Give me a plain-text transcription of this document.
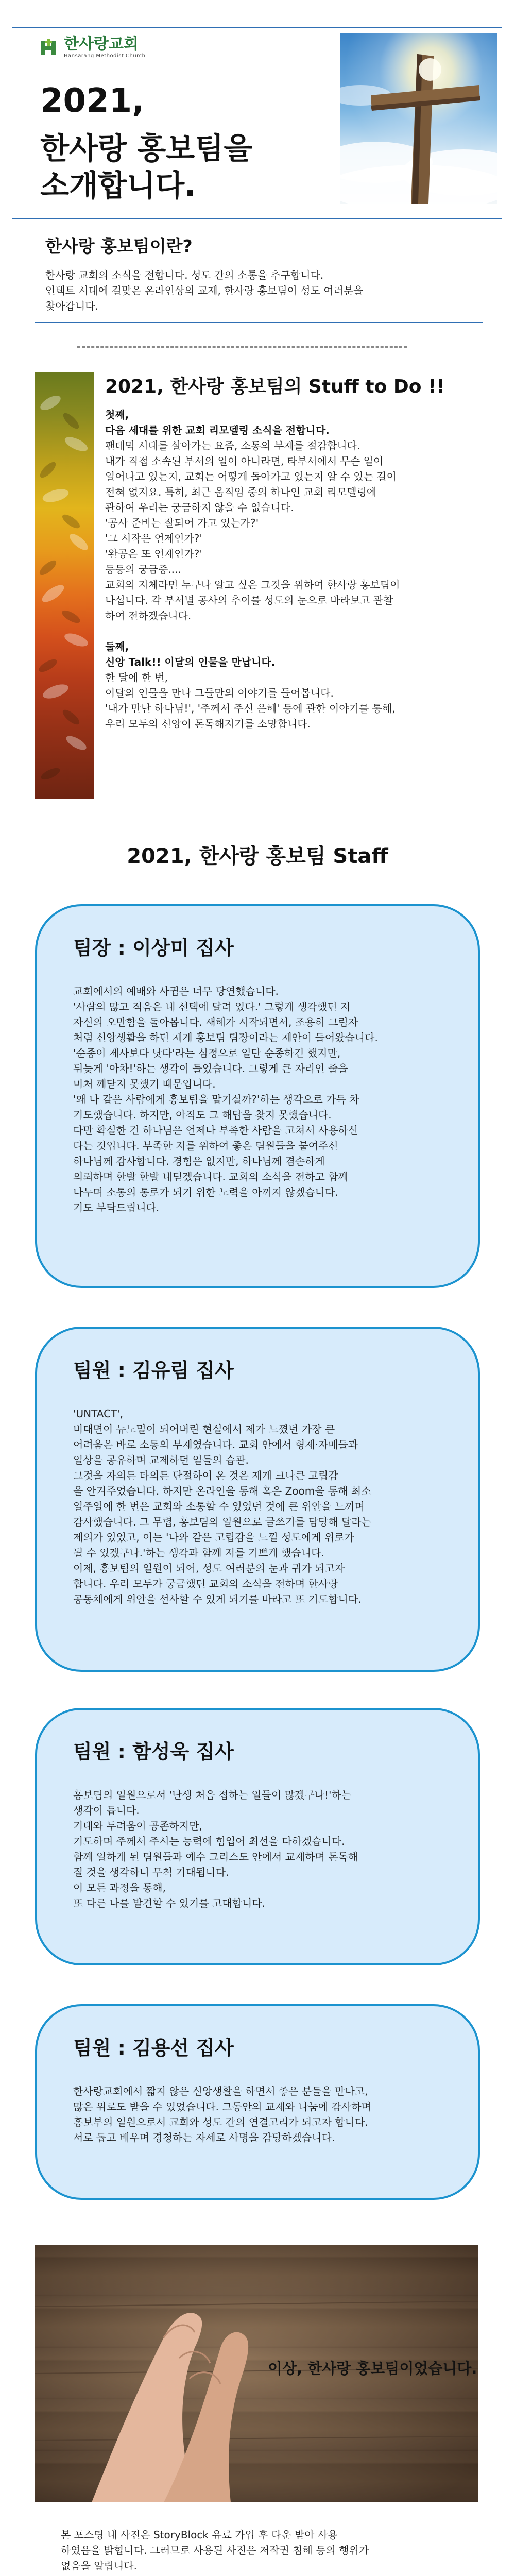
한사랑교회
Hansarang Methodist Church
2021,
한사랑 홍보팀을
소개합니다.
한사랑 홍보팀이란?
한사랑 교회의 소식을 전합니다. 성도 간의 소통을 추구합니다.
언택트 시대에 걸맞은 온라인상의 교제, 한사랑 홍보팀이 성도 여러분을
찾아갑니다.
2021, 한사랑 홍보팀의 Stuff to Do !!

첫째,

다음 세대를 위한 교회 리모델링 소식을 전합니다.

팬데믹 시대를 살아가는 요즘, 소통의 부재를 절감합니다.

내가 직접 소속된 부서의 일이 아니라면, 타부서에서 무슨 일이

일어나고 있는지, 교회는 어떻게 돌아가고 있는지 알 수 있는 길이

전혀 없지요. 특히, 최근 움직임 중의 하나인 교회 리모델링에

관하여 우리는 궁금하지 않을 수 없습니다.

'공사 준비는 잘되어 가고 있는가?'

'그 시작은 언제인가?'

'완공은 또 언제인가?'

등등의 궁금증....

교회의 지체라면 누구나 알고 싶은 그것을 위하여 한사랑 홍보팀이

나섭니다. 각 부서별 공사의 추이를 성도의 눈으로 바라보고 관찰

하여 전하겠습니다.

둘째,

신앙 Talk!! 이달의 인물을 만납니다.

한 달에 한 번,

이달의 인물을 만나 그들만의 이야기를 들어봅니다.

'내가 만난 하나님!', '주께서 주신 은혜' 등에 관한 이야기를 통해,

우리 모두의 신앙이 돈독해지기를 소망합니다.

2021, 한사랑 홍보팀 Staff
팀장 : 이상미 집사

교회에서의 예배와 사귐은 너무 당연했습니다.

'사람의 많고 적음은 내 선택에 달려 있다.' 그렇게 생각했던 저

자신의 오만함을 돌아봅니다. 새해가 시작되면서, 조용히 그림자

처럼 신앙생활을 하던 제게 홍보팀 팀장이라는 제안이 들어왔습니다.

'순종이 제사보다 낫다'라는 심정으로 일단 순종하긴 했지만,

뒤늦게 '아차!'하는 생각이 들었습니다. 그렇게 큰 자리인 줄을

미처 깨닫지 못했기 때문입니다.

'왜 나 같은 사람에게 홍보팀을 맡기실까?'하는 생각으로 가득 차

기도했습니다. 하지만, 아직도 그 해답을 찾지 못했습니다.

다만 확실한 건 하나님은 언제나 부족한 사람을 고쳐서 사용하신

다는 것입니다. 부족한 저를 위하여 좋은 팀원들을 붙여주신

하나님께 감사합니다. 경험은 없지만, 하나님께 겸손하게

의뢰하며 한발 한발 내딛겠습니다. 교회의 소식을 전하고 함께

나누며 소통의 통로가 되기 위한 노력을 아끼지 않겠습니다.

기도 부탁드립니다.

팀원 : 김유림 집사

'UNTACT',

비대면이 뉴노멀이 되어버린 현실에서 제가 느꼈던 가장 큰

어려움은 바로 소통의 부재였습니다. 교회 안에서 형제·자매들과

일상을 공유하며 교제하던 일들의 습관.

그것을 자의든 타의든 단절하여 온 것은 제게 크나큰 고립감

을 안겨주었습니다. 하지만 온라인을 통해 혹은 Zoom을 통해 최소

일주일에 한 번은 교회와 소통할 수 있었던 것에 큰 위안을 느끼며

감사했습니다. 그 무렵, 홍보팀의 일원으로 글쓰기를 담당해 달라는

제의가 있었고, 이는 '나와 같은 고립감을 느낄 성도에게 위로가

될 수 있겠구나.'하는 생각과 함께 저를 기쁘게 했습니다.

이제, 홍보팀의 일원이 되어, 성도 여러분의 눈과 귀가 되고자

합니다. 우리 모두가 궁금했던 교회의 소식을 전하며 한사랑

공동체에게 위안을 선사할 수 있게 되기를 바라고 또 기도합니다.

팀원 : 함성욱 집사

홍보팀의 일원으로서 '난생 처음 접하는 일들이 많겠구나!'하는

생각이 듭니다.

기대와 두려움이 공존하지만,

기도하며 주께서 주시는 능력에 힘입어 최선을 다하겠습니다.

함께 일하게 된 팀원들과 예수 그리스도 안에서 교제하며 돈독해

질 것을 생각하니 무척 기대됩니다.

이 모든 과정을 통해,

또 다른 나를 발견할 수 있기를 고대합니다.

팀원 : 김용선 집사

한사랑교회에서 짧지 않은 신앙생활을 하면서 좋은 분들을 만나고,

많은 위로도 받을 수 있었습니다. 그동안의 교제와 나눔에 감사하며

홍보부의 일원으로서 교회와 성도 간의 연결고리가 되고자 합니다.

서로 돕고 배우며 경청하는 자세로 사명을 감당하겠습니다.

이상, 한사랑 홍보팀이었습니다.
본 포스팅 내 사진은 StoryBlock 유료 가입 후 다운 받아 사용
하였음을 밝힙니다. 그러므로 사용된 사진은 저작권 침해 등의 행위가
없음을 알립니다.
